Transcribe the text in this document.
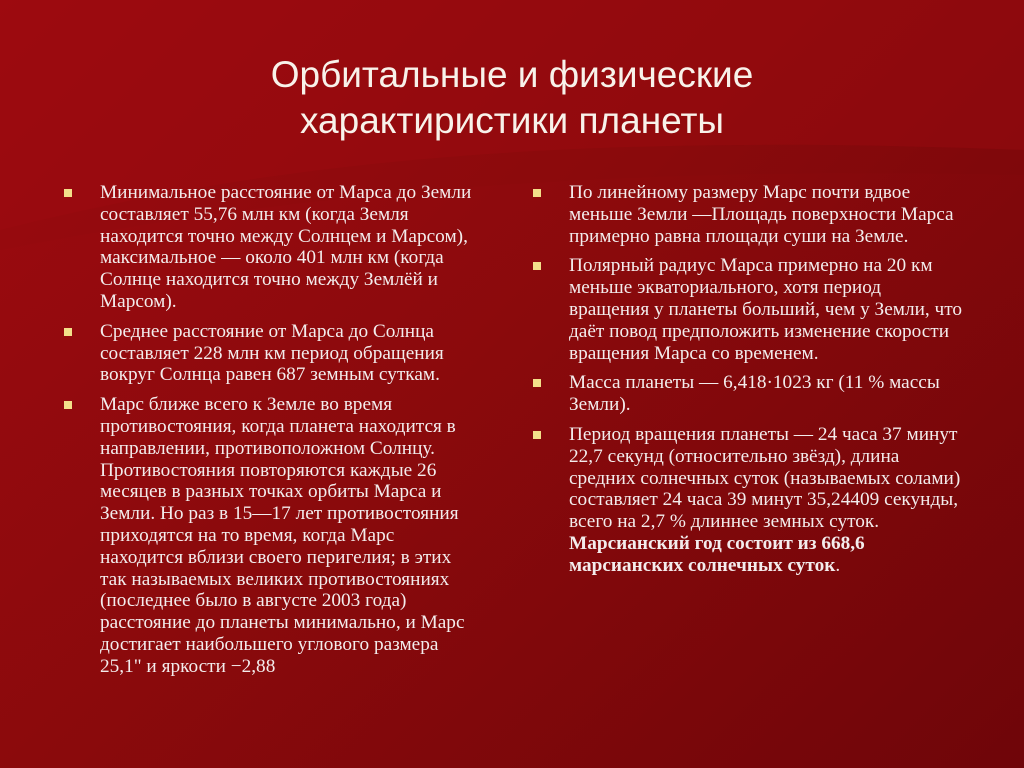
Орбитальные и физические
характиристики планеты
Минимальное расстояние от Марса до Земли составляет 55,76 млн км (когда Земля находится точно между Солнцем и Марсом), максимальное — около 401 млн км (когда Солнце находится точно между Землёй и Марсом).
Среднее расстояние от Марса до Солнца составляет 228 млн км период обращения вокруг Солнца равен 687 земным суткам.
Марс ближе всего к Земле во время противостояния, когда планета находится в направлении, противоположном Солнцу. Противостояния повторяются каждые 26 месяцев в разных точках орбиты Марса и Земли. Но раз в 15—17 лет противостояния приходятся на то время, когда Марс находится вблизи своего перигелия; в этих так называемых великих противостояниях (последнее было в августе 2003 года) расстояние до планеты минимально, и Марс достигает наибольшего углового размера 25,1" и яркости −2,88
По линейному размеру Марс почти вдвое меньше Земли —Площадь поверхности Марса примерно равна площади суши на Земле.
Полярный радиус Марса примерно на 20 км меньше экваториального, хотя период вращения у планеты больший, чем у Земли, что даёт повод предположить изменение скорости вращения Марса со временем.
Масса планеты — 6,418·1023 кг (11 % массы Земли).
Период вращения планеты — 24 часа 37 минут 22,7 секунд (относительно звёзд), длина средних солнечных суток (называемых солами) составляет 24 часа 39 минут 35,24409 секунды, всего на 2,7 % длиннее земных суток. Марсианский год состоит из 668,6 марсианских солнечных суток.
